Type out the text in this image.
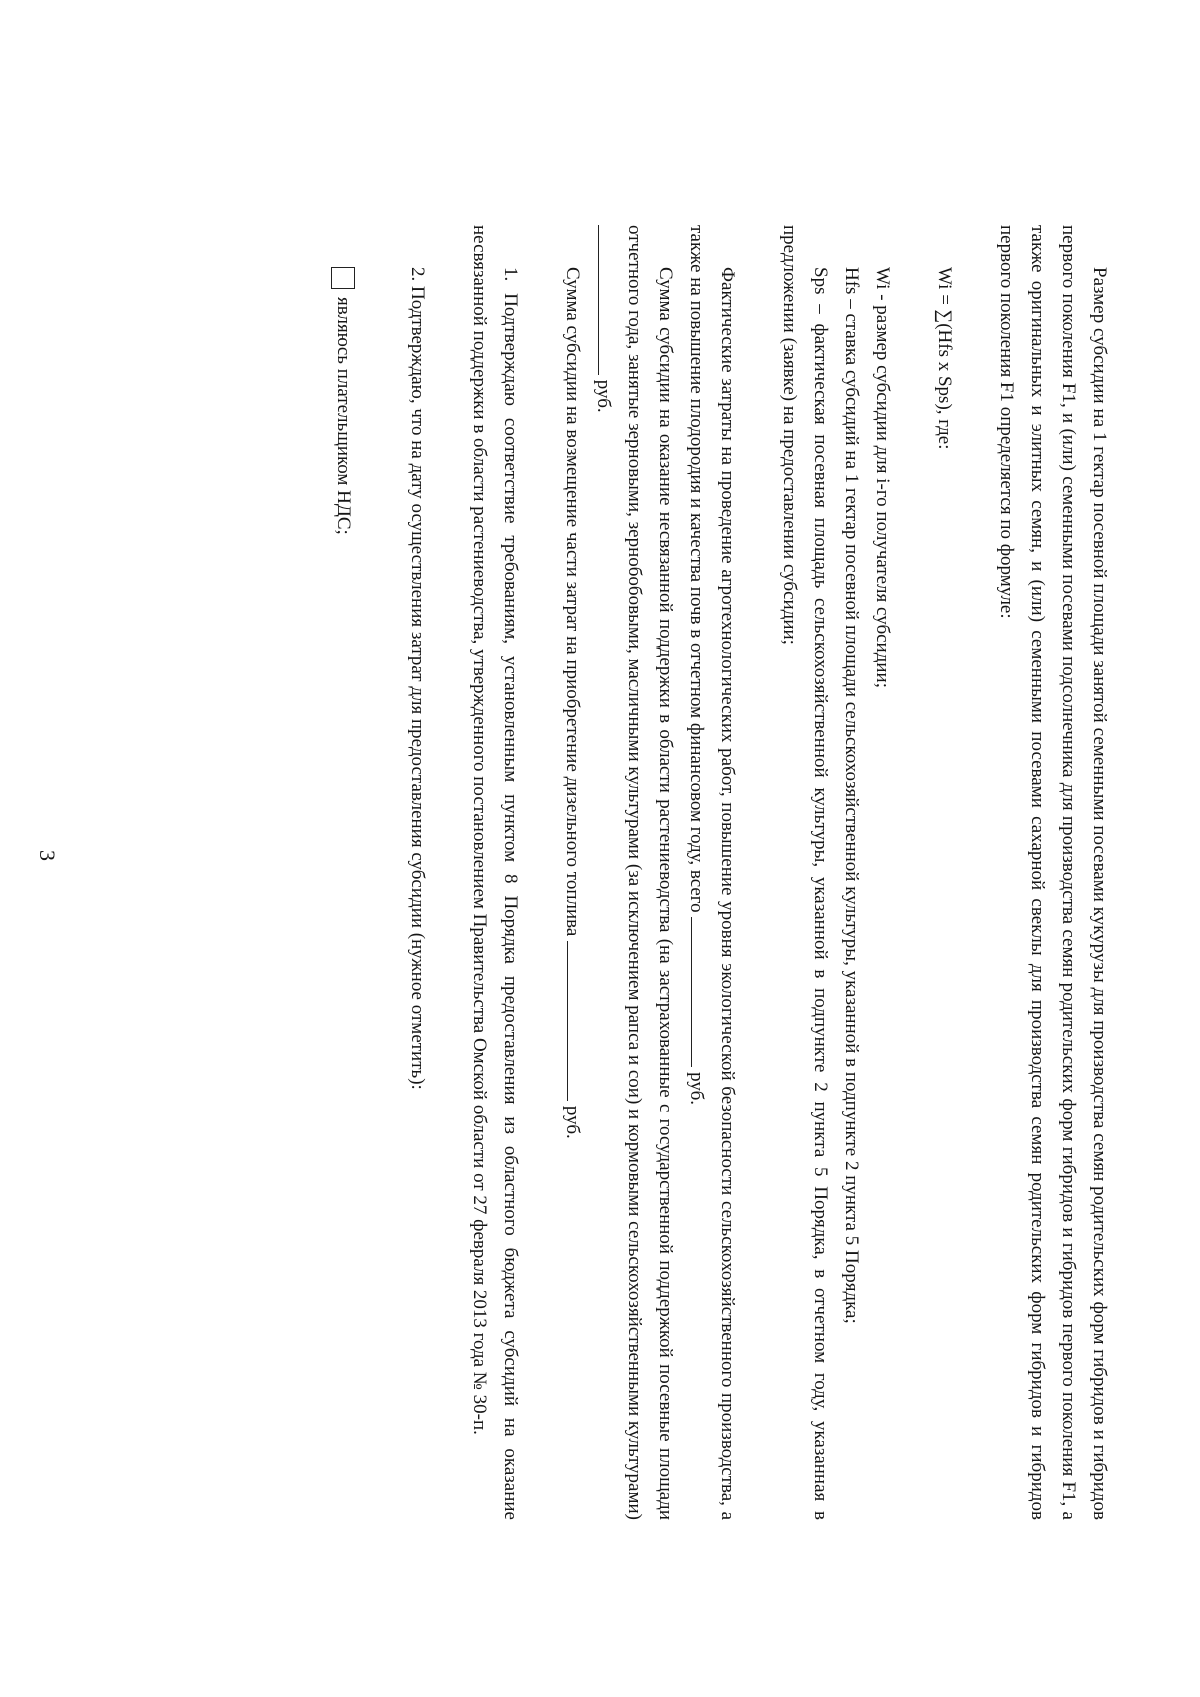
3	Размер субсидии на 1 гектар посевной площади занятой семенными посевами кукурузы для производства семян родительских форм гибридов и гибридов первого поколения F1, и (или) семенными посевами подсолнечника для производства семян родительских форм гибридов и гибридов первого поколения F1, а также оригинальных и элитных семян, и (или) семенными посевами сахарной свеклы для производства семян родительских форм гибридов и гибридов первого поколения F1 определяется по формуле:

Wi = ∑(Hfs x Sps), где:

Wi - размер субсидии для i-го получателя субсидии;

Hfs – ставка субсидий на 1 гектар посевной площади сельскохозяйственной культуры, указанной в подпункте 2 пункта 5 Порядка;

Sps – фактическая посевная площадь сельскохозяйственной культуры, указанной в подпункте 2 пункта 5 Порядка, в отчетном году, указанная в предложении (заявке) на предоставлении субсидии;

Фактические затраты на проведение агротехнологических работ, повышение уровня экологической безопасности сельскохозяйственного производства, а также на повышение плодородия и качества почв в отчетном финансовом году, всего  руб.

Сумма субсидии на оказание несвязанной поддержки в области растениеводства (на застрахованные с государственной поддержкой посевные площади отчетного года, занятые зерновыми, зернобобовыми, масличными культурами (за исключением рапса и сои) и кормовыми сельскохозяйственными культурами)  руб.

Сумма субсидии на возмещение части затрат на приобретение дизельного топлива  руб.

1. Подтверждаю соответствие требованиям, установленным пунктом 8 Порядка предоставления из областного бюджета субсидий на оказание несвязанной поддержки в области растениеводства, утвержденного постановлением Правительства Омской области от 27 февраля 2013 года № 30-п.

2. Подтверждаю, что на дату осуществления затрат для предоставления субсидии (нужное отметить):

являюсь плательщиком НДС;
